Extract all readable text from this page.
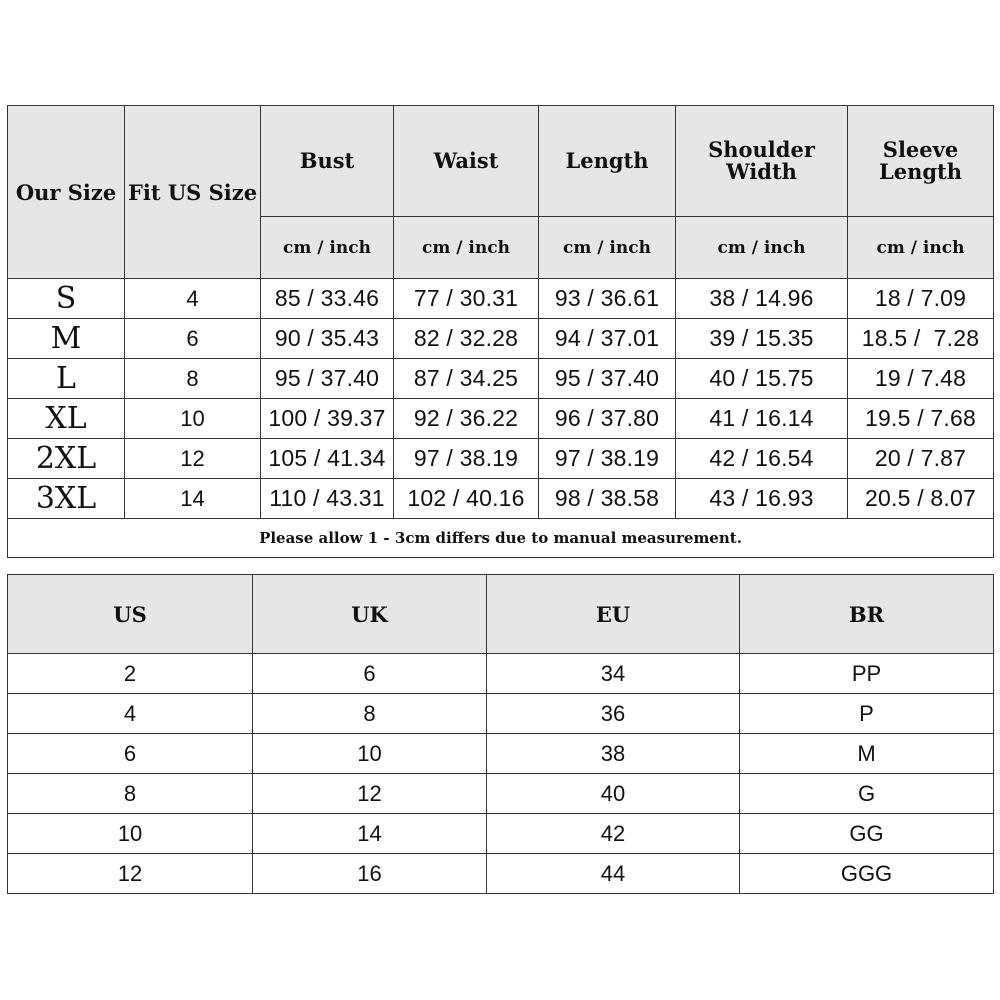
Our Size	Fit US Size	Bust	Waist	Length	Shoulder Width	Sleeve Length

		cm / inch	cm / inch	cm / inch	cm / inch	cm / inch
S	4	85 / 33.46	77 / 30.31	93 / 36.61	38 / 14.96	18 / 7.09
M	6	90 / 35.43	82 / 32.28	94 / 37.01	39 / 15.35	18.5 /  7.28
L	8	95 / 37.40	87 / 34.25	95 / 37.40	40 / 15.75	19 / 7.48
XL	10	100 / 39.37	92 / 36.22	96 / 37.80	41 / 16.14	19.5 / 7.68
2XL	12	105 / 41.34	97 / 38.19	97 / 38.19	42 / 16.54	20 / 7.87
3XL	14	110 / 43.31	102 / 40.16	98 / 38.58	43 / 16.93	20.5 / 8.07
Please allow 1 - 3cm differs due to manual measurement.						
US	UK	EU	BR
2	6	34	PP
4	8	36	P
6	10	38	M
8	12	40	G
10	14	42	GG
12	16	44	GGG
